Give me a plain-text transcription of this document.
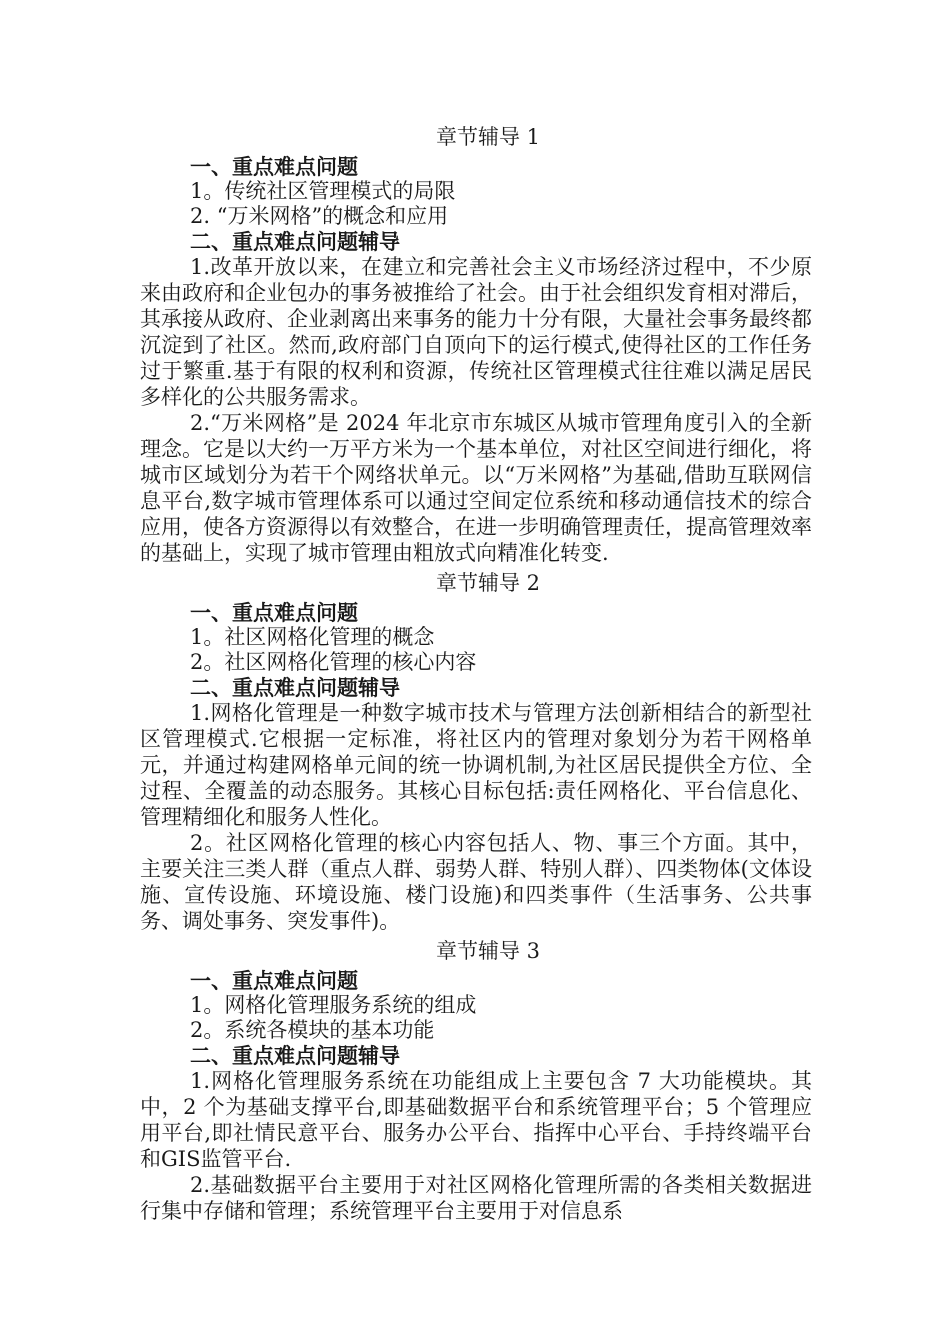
章节辅导 1

一、重点难点问题

1。传统社区管理模式的局限

2. “万米网格”的概念和应用

二、重点难点问题辅导

1.改革开放以来，在建立和完善社会主义市场经济过程中，不少原来由政府和企业包办的事务被推给了社会。由于社会组织发育相对滞后，其承接从政府、企业剥离出来事务的能力十分有限，大量社会事务最终都沉淀到了社区。然而,政府部门自顶向下的运行模式,使得社区的工作任务过于繁重.基于有限的权利和资源，传统社区管理模式往往难以满足居民多样化的公共服务需求。

2.“万米网格”是 2024 年北京市东城区从城市管理角度引入的全新理念。它是以大约一万平方米为一个基本单位，对社区空间进行细化，将城市区域划分为若干个网络状单元。以“万米网格”为基础,借助互联网信息平台,数字城市管理体系可以通过空间定位系统和移动通信技术的综合应用，使各方资源得以有效整合，在进一步明确管理责任，提高管理效率的基础上，实现了城市管理由粗放式向精准化转变.

章节辅导 2

一、重点难点问题

1。社区网格化管理的概念

2。社区网格化管理的核心内容

二、重点难点问题辅导

1.网格化管理是一种数字城市技术与管理方法创新相结合的新型社区管理模式.它根据一定标准，将社区内的管理对象划分为若干网格单元，并通过构建网格单元间的统一协调机制,为社区居民提供全方位、全过程、全覆盖的动态服务。其核心目标包括:责任网格化、平台信息化、管理精细化和服务人性化。

2。社区网格化管理的核心内容包括人、物、事三个方面。其中，主要关注三类人群（重点人群、弱势人群、特别人群）、四类物体(文体设施、宣传设施、环境设施、楼门设施)和四类事件（生活事务、公共事务、调处事务、突发事件)。

章节辅导 3

一、重点难点问题

1。网格化管理服务系统的组成

2。系统各模块的基本功能

二、重点难点问题辅导

1.网格化管理服务系统在功能组成上主要包含 7 大功能模块。其中，2 个为基础支撑平台,即基础数据平台和系统管理平台；5 个管理应用平台,即社情民意平台、服务办公平台、指挥中心平台、手持终端平台和GIS监管平台.

2.基础数据平台主要用于对社区网格化管理所需的各类相关数据进行集中存储和管理；系统管理平台主要用于对信息系
